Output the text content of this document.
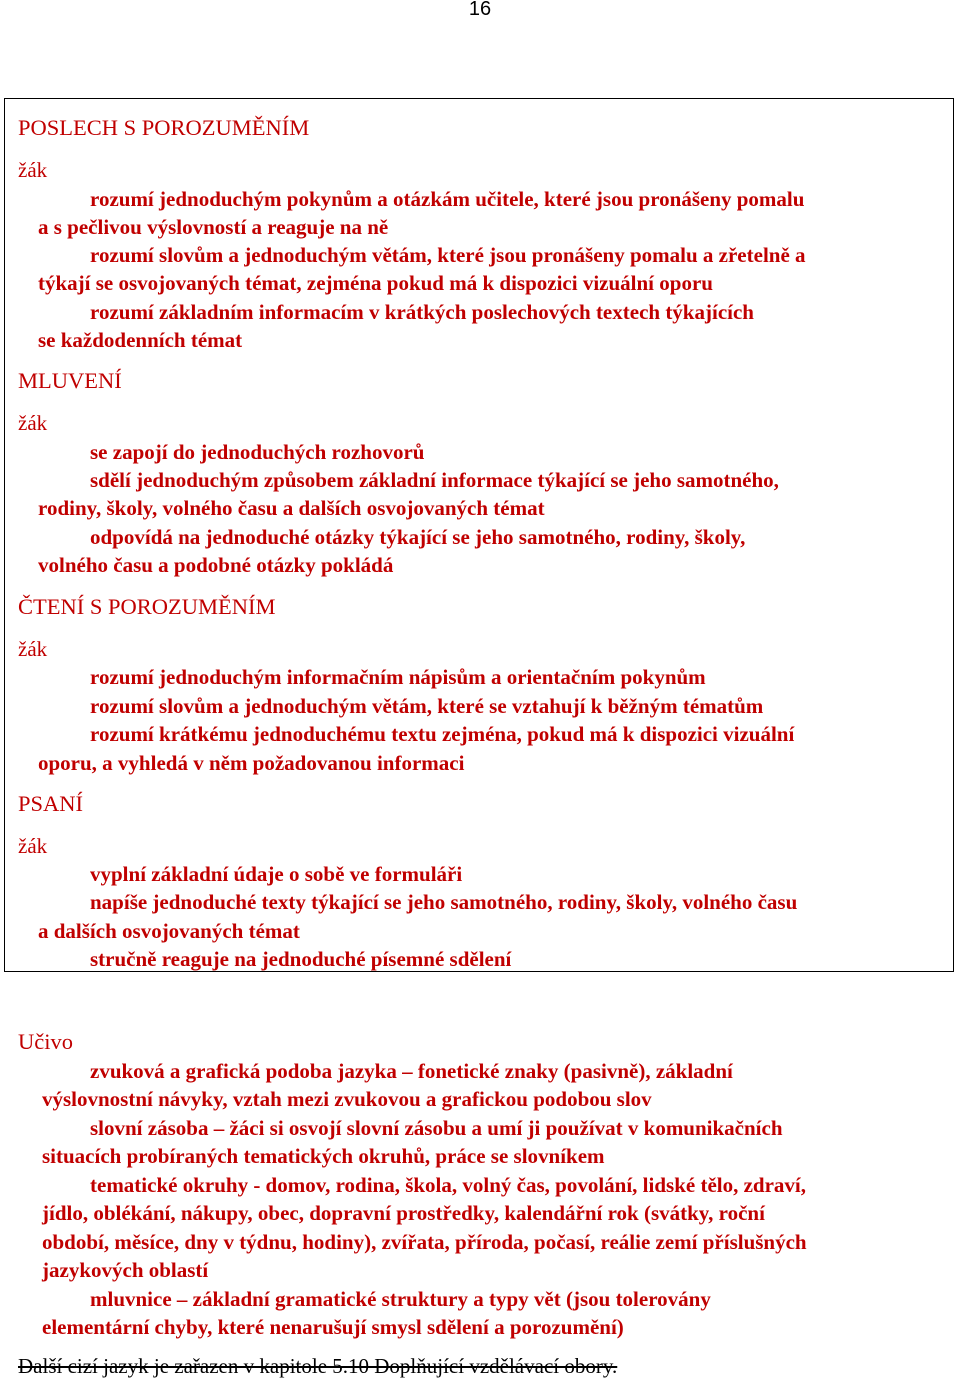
16
POSLECH S POROZUMĚNÍM
žák
rozumí jednoduchým pokynům a otázkám učitele, které jsou pronášeny pomalu
a s pečlivou výslovností a reaguje na ně
rozumí slovům a jednoduchým větám, které jsou pronášeny pomalu a zřetelně a
týkají se osvojovaných témat, zejména pokud má k dispozici vizuální oporu
rozumí základním informacím v krátkých poslechových textech týkajících
se každodenních témat
MLUVENÍ
žák
se zapojí do jednoduchých rozhovorů
sdělí jednoduchým způsobem základní informace týkající se jeho samotného,
rodiny, školy, volného času a dalších osvojovaných témat
odpovídá na jednoduché otázky týkající se jeho samotného, rodiny, školy,
volného času a podobné otázky pokládá
ČTENÍ S POROZUMĚNÍM
žák
rozumí jednoduchým informačním nápisům a orientačním pokynům
rozumí slovům a jednoduchým větám, které se vztahují k běžným tématům
rozumí krátkému jednoduchému textu zejména, pokud má k dispozici vizuální
oporu, a vyhledá v něm požadovanou informaci
PSANÍ
žák
vyplní základní údaje o sobě ve formuláři
napíše jednoduché texty týkající se jeho samotného, rodiny, školy, volného času
a dalších osvojovaných témat
stručně reaguje na jednoduché písemné sdělení
Učivo
zvuková a grafická podoba jazyka – fonetické znaky (pasivně), základní
výslovnostní návyky, vztah mezi zvukovou a grafickou podobou slov
slovní zásoba – žáci si osvojí slovní zásobu a umí ji používat v komunikačních
situacích probíraných tematických okruhů, práce se slovníkem
tematické okruhy - domov, rodina, škola, volný čas, povolání, lidské tělo, zdraví,
jídlo, oblékání, nákupy, obec, dopravní prostředky, kalendářní rok (svátky, roční
období, měsíce, dny v týdnu, hodiny), zvířata, příroda, počasí, reálie zemí příslušných
jazykových oblastí
mluvnice – základní gramatické struktury a typy vět (jsou tolerovány
elementární chyby, které nenarušují smysl sdělení a porozumění)
Další cizí jazyk je zařazen v kapitole 5.10 Doplňující vzdělávací obory.
